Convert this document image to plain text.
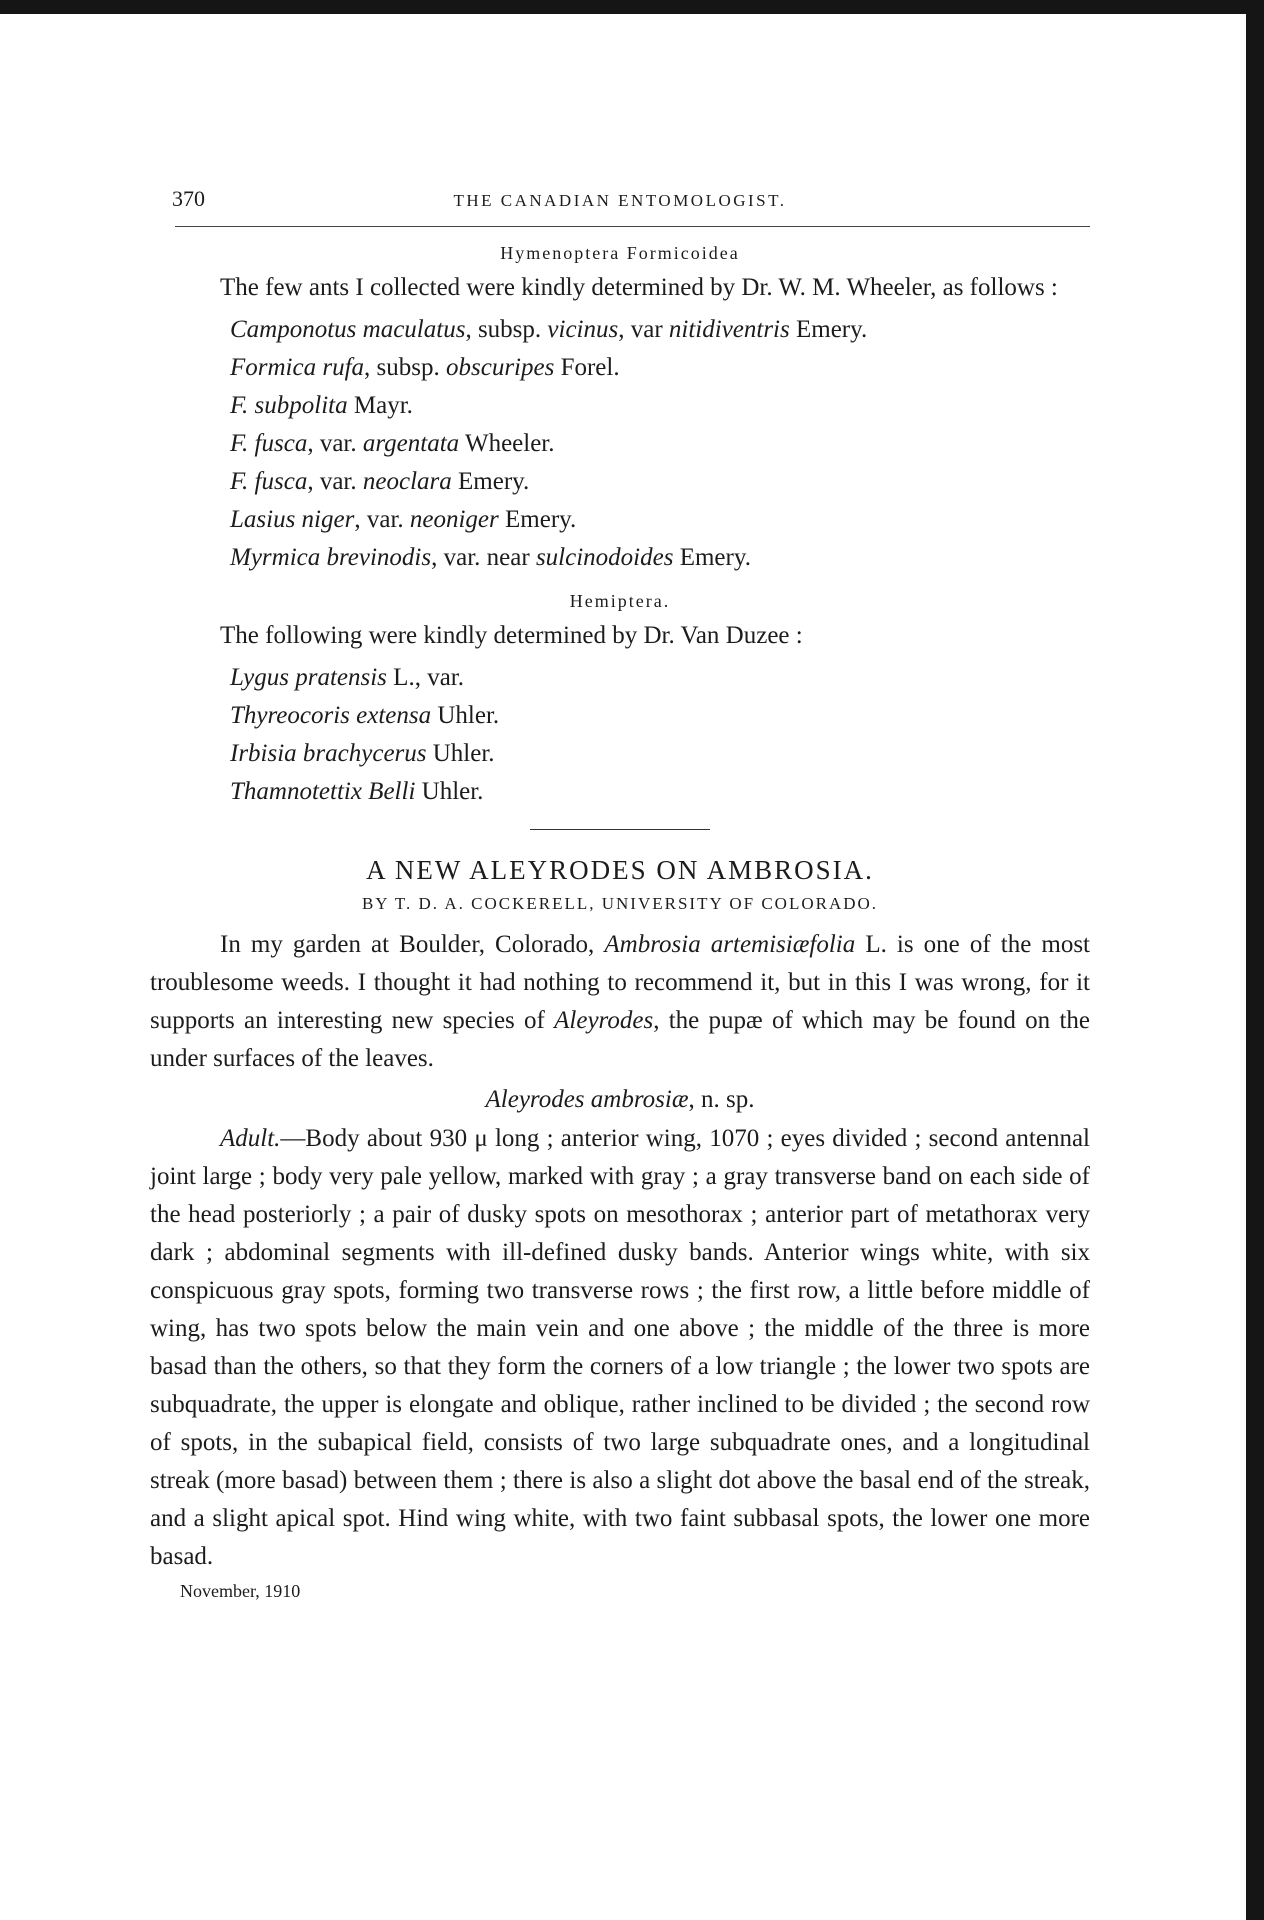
370	THE CANADIAN ENTOMOLOGIST.
Hymenoptera Formicoidea

The few ants I collected were kindly determined by Dr. W. M. Wheeler, as follows :

Camponotus maculatus, subsp. vicinus, var nitidiventris Emery.
Formica rufa, subsp. obscuripes Forel.
F. subpolita Mayr.
F. fusca, var. argentata Wheeler.
F. fusca, var. neoclara Emery.
Lasius niger, var. neoniger Emery.
Myrmica brevinodis, var. near sulcinodoides Emery.
Hemiptera.

The following were kindly determined by Dr. Van Duzee :

Lygus pratensis L., var.
Thyreocoris extensa Uhler.
Irbisia brachycerus Uhler.
Thamnotettix Belli Uhler.
A NEW ALEYRODES ON AMBROSIA.
BY T. D. A. COCKERELL, UNIVERSITY OF COLORADO.

In my garden at Boulder, Colorado, Ambrosia artemisiæfolia L. is one of the most troublesome weeds. I thought it had nothing to recommend it, but in this I was wrong, for it supports an interesting new species of Aleyrodes, the pupæ of which may be found on the under surfaces of the leaves.

Aleyrodes ambrosiæ, n. sp.

Adult.—Body about 930 μ long ; anterior wing, 1070 ; eyes divided ; second antennal joint large ; body very pale yellow, marked with gray ; a gray transverse band on each side of the head posteriorly ; a pair of dusky spots on mesothorax ; anterior part of metathorax very dark ; abdominal segments with ill-defined dusky bands. Anterior wings white, with six conspicuous gray spots, forming two transverse rows ; the first row, a little before middle of wing, has two spots below the main vein and one above ; the middle of the three is more basad than the others, so that they form the corners of a low triangle ; the lower two spots are subquadrate, the upper is elongate and oblique, rather inclined to be divided ; the second row of spots, in the subapical field, consists of two large subquadrate ones, and a longitudinal streak (more basad) between them ; there is also a slight dot above the basal end of the streak, and a slight apical spot. Hind wing white, with two faint subbasal spots, the lower one more basad.

November, 1910
